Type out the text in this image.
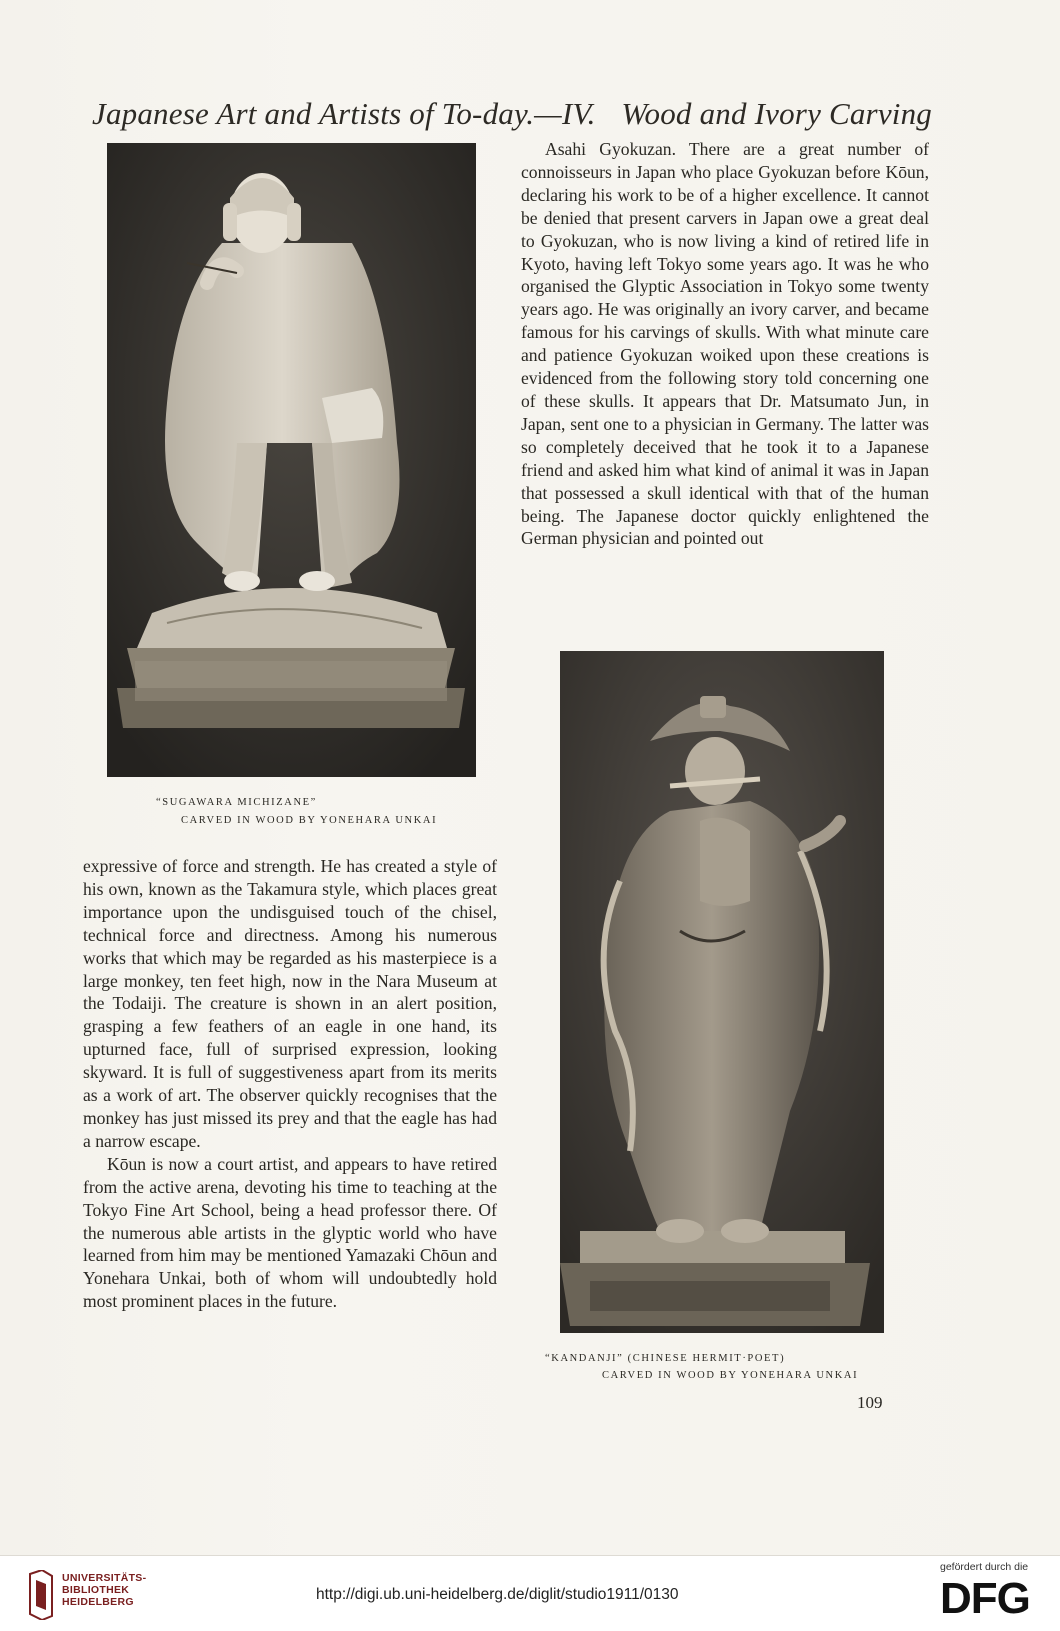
Japanese Art and Artists of To-day.—IV. Wood and Ivory Carving
“SUGAWARA MICHIZANE”
CARVED IN WOOD BY YONEHARA UNKAI

Asahi Gyokuzan. There are a great number of connoisseurs in Japan who place Gyokuzan before Kōun, declaring his work to be of a higher excellence. It cannot be denied that present carvers in Japan owe a great deal to Gyokuzan, who is now living a kind of retired life in Kyoto, having left Tokyo some years ago. It was he who organised the Glyptic Association in Tokyo some twenty years ago. He was originally an ivory carver, and became famous for his carvings of skulls. With what minute care and patience Gyokuzan woiked upon these creations is evidenced from the following story told concerning one of these skulls. It appears that Dr. Matsumato Jun, in Japan, sent one to a physician in Germany. The latter was so completely deceived that he took it to a Japanese friend and asked him what kind of animal it was in Japan that possessed a skull identical with that of the human being. The Japanese doctor quickly enlightened the German physician and pointed out

expressive of force and strength. He has created a style of his own, known as the Takamura style, which places great importance upon the undisguised touch of the chisel, technical force and directness. Among his numerous works that which may be regarded as his masterpiece is a large monkey, ten feet high, now in the Nara Museum at the Todaiji. The creature is shown in an alert position, grasping a few feathers of an eagle in one hand, its upturned face, full of surprised expression, looking skyward. It is full of suggestiveness apart from its merits as a work of art. The observer quickly recognises that the monkey has just missed its prey and that the eagle has had a narrow escape.

Kōun is now a court artist, and appears to have retired from the active arena, devoting his time to teaching at the Tokyo Fine Art School, being a head professor there. Of the numerous able artists in the glyptic world who have learned from him may be mentioned Yamazaki Chōun and Yonehara Unkai, both of whom will undoubtedly hold most prominent places in the future.

“KANDANJI” (CHINESE HERMIT·POET)
CARVED IN WOOD BY YONEHARA UNKAI
109
UNIVERSITÄTS-
BIBLIOTHEK
HEIDELBERG	http://digi.ub.uni-heidelberg.de/diglit/studio1911/0130
gefördert durch die
DFG
